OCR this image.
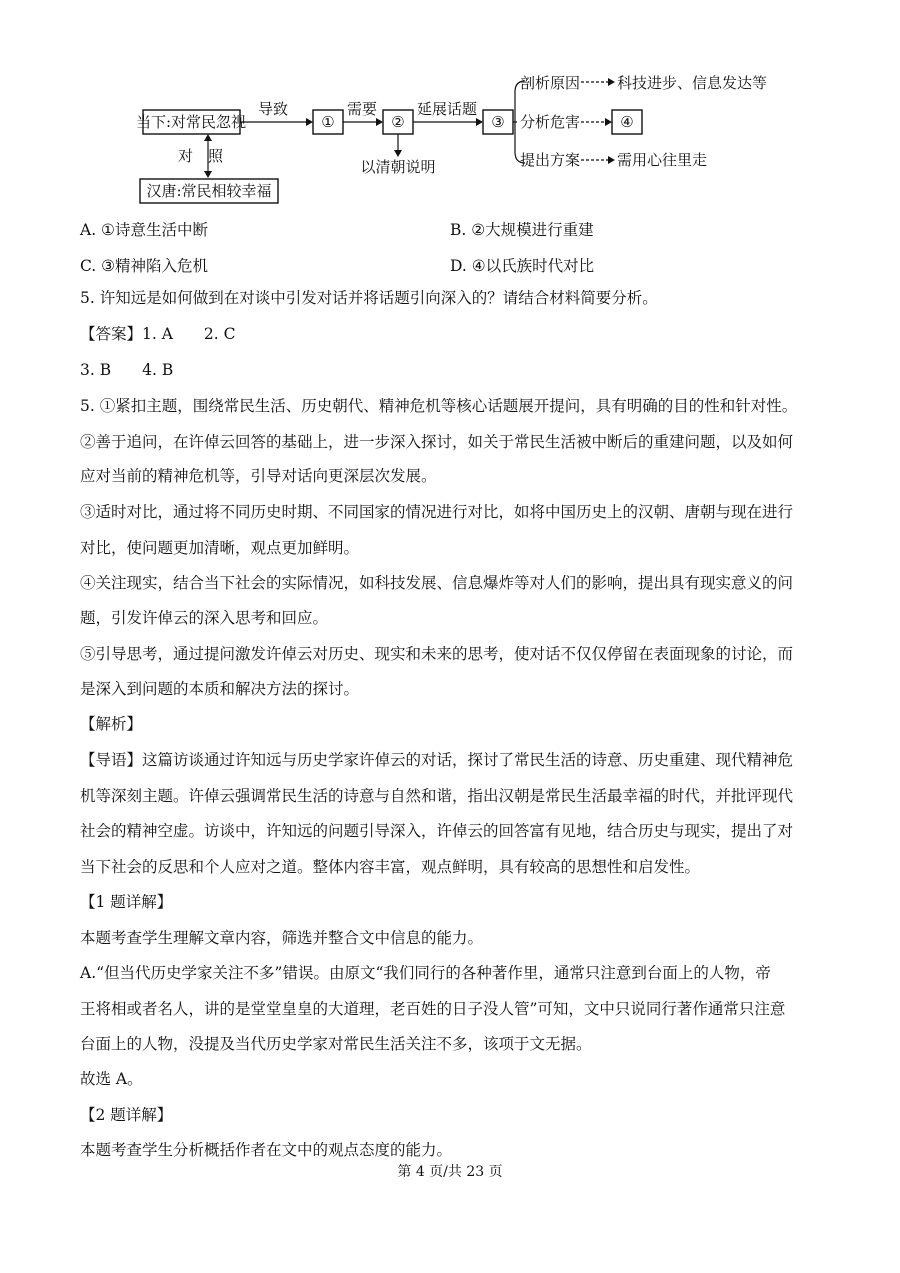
当下:对常民忽视
对　照
汉唐:常民相较幸福
导致
①
需要
②
以清朝说明
延展话题
③
剖析原因 科技进步、信息发达等
分析危害	④
提出方案 需用心往里走
A. ①诗意生活中断	B. ②大规模进行重建
C. ③精神陷入危机	D. ④以氏族时代对比
5. 许知远是如何做到在对谈中引发对话并将话题引向深入的？请结合材料简要分析。
【答案】1. A　　2. C
3. B　　4. B
5. ①紧扣主题，围绕常民生活、历史朝代、精神危机等核心话题展开提问，具有明确的目的性和针对性。
②善于追问，在许倬云回答的基础上，进一步深入探讨，如关于常民生活被中断后的重建问题，以及如何
应对当前的精神危机等，引导对话向更深层次发展。
③适时对比，通过将不同历史时期、不同国家的情况进行对比，如将中国历史上的汉朝、唐朝与现在进行
对比，使问题更加清晰，观点更加鲜明。
④关注现实，结合当下社会的实际情况，如科技发展、信息爆炸等对人们的影响，提出具有现实意义的问
题，引发许倬云的深入思考和回应。
⑤引导思考，通过提问激发许倬云对历史、现实和未来的思考，使对话不仅仅停留在表面现象的讨论，而
是深入到问题的本质和解决方法的探讨。
【解析】
【导语】这篇访谈通过许知远与历史学家许倬云的对话，探讨了常民生活的诗意、历史重建、现代精神危
机等深刻主题。许倬云强调常民生活的诗意与自然和谐，指出汉朝是常民生活最幸福的时代，并批评现代
社会的精神空虚。访谈中，许知远的问题引导深入，许倬云的回答富有见地，结合历史与现实，提出了对
当下社会的反思和个人应对之道。整体内容丰富，观点鲜明，具有较高的思想性和启发性。
【1 题详解】
本题考查学生理解文章内容，筛选并整合文中信息的能力。
A.“但当代历史学家关注不多”错误。由原文“我们同行的各种著作里，通常只注意到台面上的人物，帝
王将相或者名人，讲的是堂堂皇皇的大道理，老百姓的日子没人管”可知，文中只说同行著作通常只注意
台面上的人物，没提及当代历史学家对常民生活关注不多，该项于文无据。
故选 A。
【2 题详解】
本题考查学生分析概括作者在文中的观点态度的能力。
第 4 页/共 23 页
